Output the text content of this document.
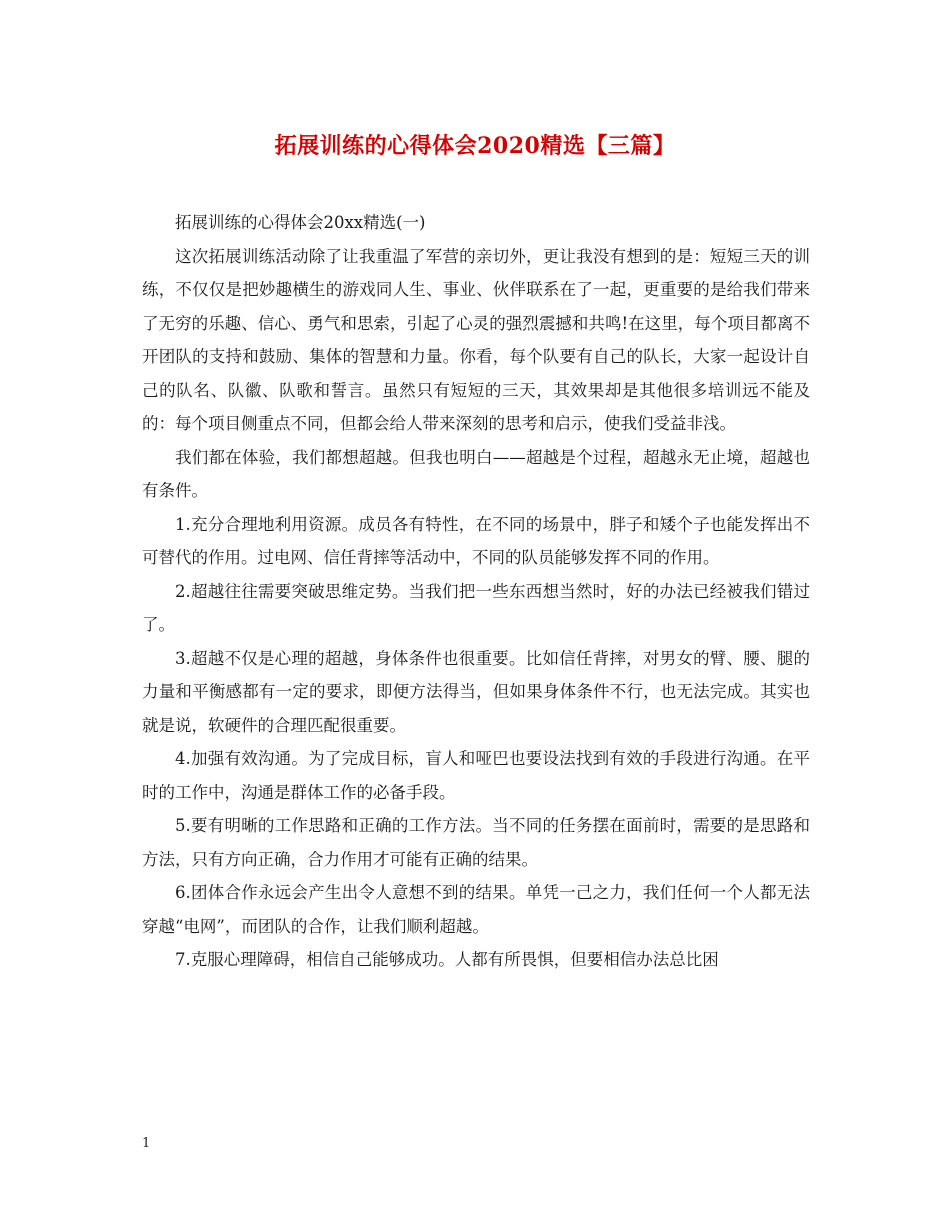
拓展训练的心得体会2020精选【三篇】

拓展训练的心得体会20xx精选(一)

这次拓展训练活动除了让我重温了军营的亲切外，更让我没有想到的是：短短三天的训练，不仅仅是把妙趣横生的游戏同人生、事业、伙伴联系在了一起，更重要的是给我们带来了无穷的乐趣、信心、勇气和思索，引起了心灵的强烈震撼和共鸣!在这里，每个项目都离不开团队的支持和鼓励、集体的智慧和力量。你看，每个队要有自己的队长，大家一起设计自己的队名、队徽、队歌和誓言。虽然只有短短的三天，其效果却是其他很多培训远不能及的：每个项目侧重点不同，但都会给人带来深刻的思考和启示，使我们受益非浅。

我们都在体验，我们都想超越。但我也明白——超越是个过程，超越永无止境，超越也有条件。

1.充分合理地利用资源。成员各有特性，在不同的场景中，胖子和矮个子也能发挥出不可替代的作用。过电网、信任背摔等活动中，不同的队员能够发挥不同的作用。

2.超越往往需要突破思维定势。当我们把一些东西想当然时，好的办法已经被我们错过了。

3.超越不仅是心理的超越，身体条件也很重要。比如信任背摔，对男女的臂、腰、腿的力量和平衡感都有一定的要求，即便方法得当，但如果身体条件不行，也无法完成。其实也就是说，软硬件的合理匹配很重要。

4.加强有效沟通。为了完成目标，盲人和哑巴也要设法找到有效的手段进行沟通。在平时的工作中，沟通是群体工作的必备手段。

5.要有明晰的工作思路和正确的工作方法。当不同的任务摆在面前时，需要的是思路和方法，只有方向正确，合力作用才可能有正确的结果。

6.团体合作永远会产生出令人意想不到的结果。单凭一己之力，我们任何一个人都无法穿越“电网”，而团队的合作，让我们顺利超越。

7.克服心理障碍，相信自己能够成功。人都有所畏惧，但要相信办法总比困

1
